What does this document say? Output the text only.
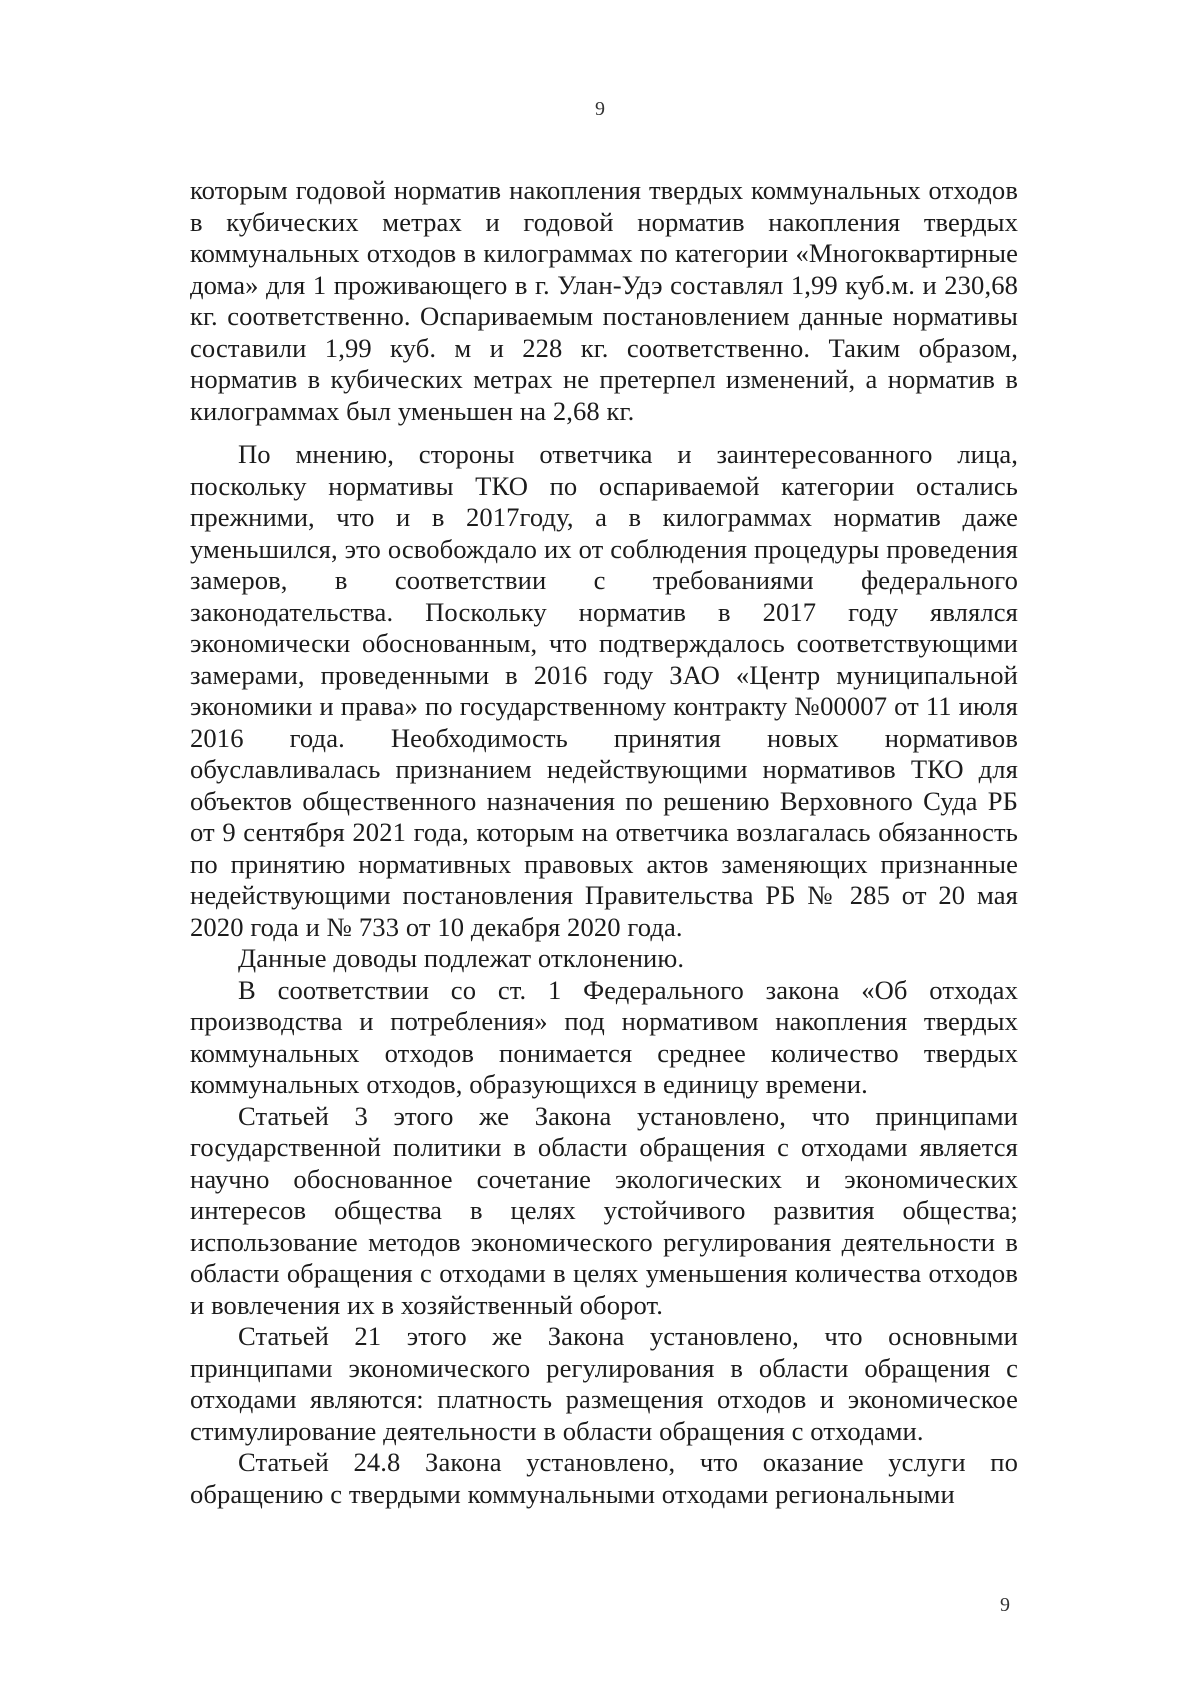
9

которым годовой норматив накопления твердых коммунальных отходов в кубических метрах и годовой норматив накопления твердых коммунальных отходов в килограммах по категории «Многоквартирные дома» для 1 проживающего в г. Улан-Удэ составлял 1,99 куб.м. и 230,68 кг. соответственно. Оспариваемым постановлением данные нормативы составили 1,99 куб. м и 228 кг. соответственно. Таким образом, норматив в кубических метрах не претерпел изменений, а норматив в килограммах был уменьшен на 2,68 кг.

По мнению, стороны ответчика и заинтересованного лица, поскольку нормативы ТКО по оспариваемой категории остались прежними, что и в 2017году, а в килограммах норматив даже уменьшился, это освобождало их от соблюдения процедуры проведения замеров, в соответствии с требованиями федерального законодательства. Поскольку норматив в 2017 году являлся экономически обоснованным, что подтверждалось соответствующими замерами, проведенными в 2016 году ЗАО «Центр муниципальной экономики и права» по государственному контракту №00007 от 11 июля 2016 года. Необходимость принятия новых нормативов обуславливалась признанием недействующими нормативов ТКО для объектов общественного назначения по решению Верховного Суда РБ от 9 сентября 2021 года, которым на ответчика возлагалась обязанность по принятию нормативных правовых актов заменяющих признанные недействующими постановления Правительства РБ № 285 от 20 мая 2020 года и № 733 от 10 декабря 2020 года.

Данные доводы подлежат отклонению.

В соответствии со ст. 1 Федерального закона «Об отходах производства и потребления» под нормативом накопления твердых коммунальных отходов понимается среднее количество твердых коммунальных отходов, образующихся в единицу времени.

Статьей 3 этого же Закона установлено, что принципами государственной политики в области обращения с отходами является научно обоснованное сочетание экологических и экономических интересов общества в целях устойчивого развития общества; использование методов экономического регулирования деятельности в области обращения с отходами в целях уменьшения количества отходов и вовлечения их в хозяйственный оборот.

Статьей 21 этого же Закона установлено, что основными принципами экономического регулирования в области обращения с отходами являются: платность размещения отходов и экономическое стимулирование деятельности в области обращения с отходами.

Статьей 24.8 Закона установлено, что оказание услуги по обращению с твердыми коммунальными отходами региональными

9
